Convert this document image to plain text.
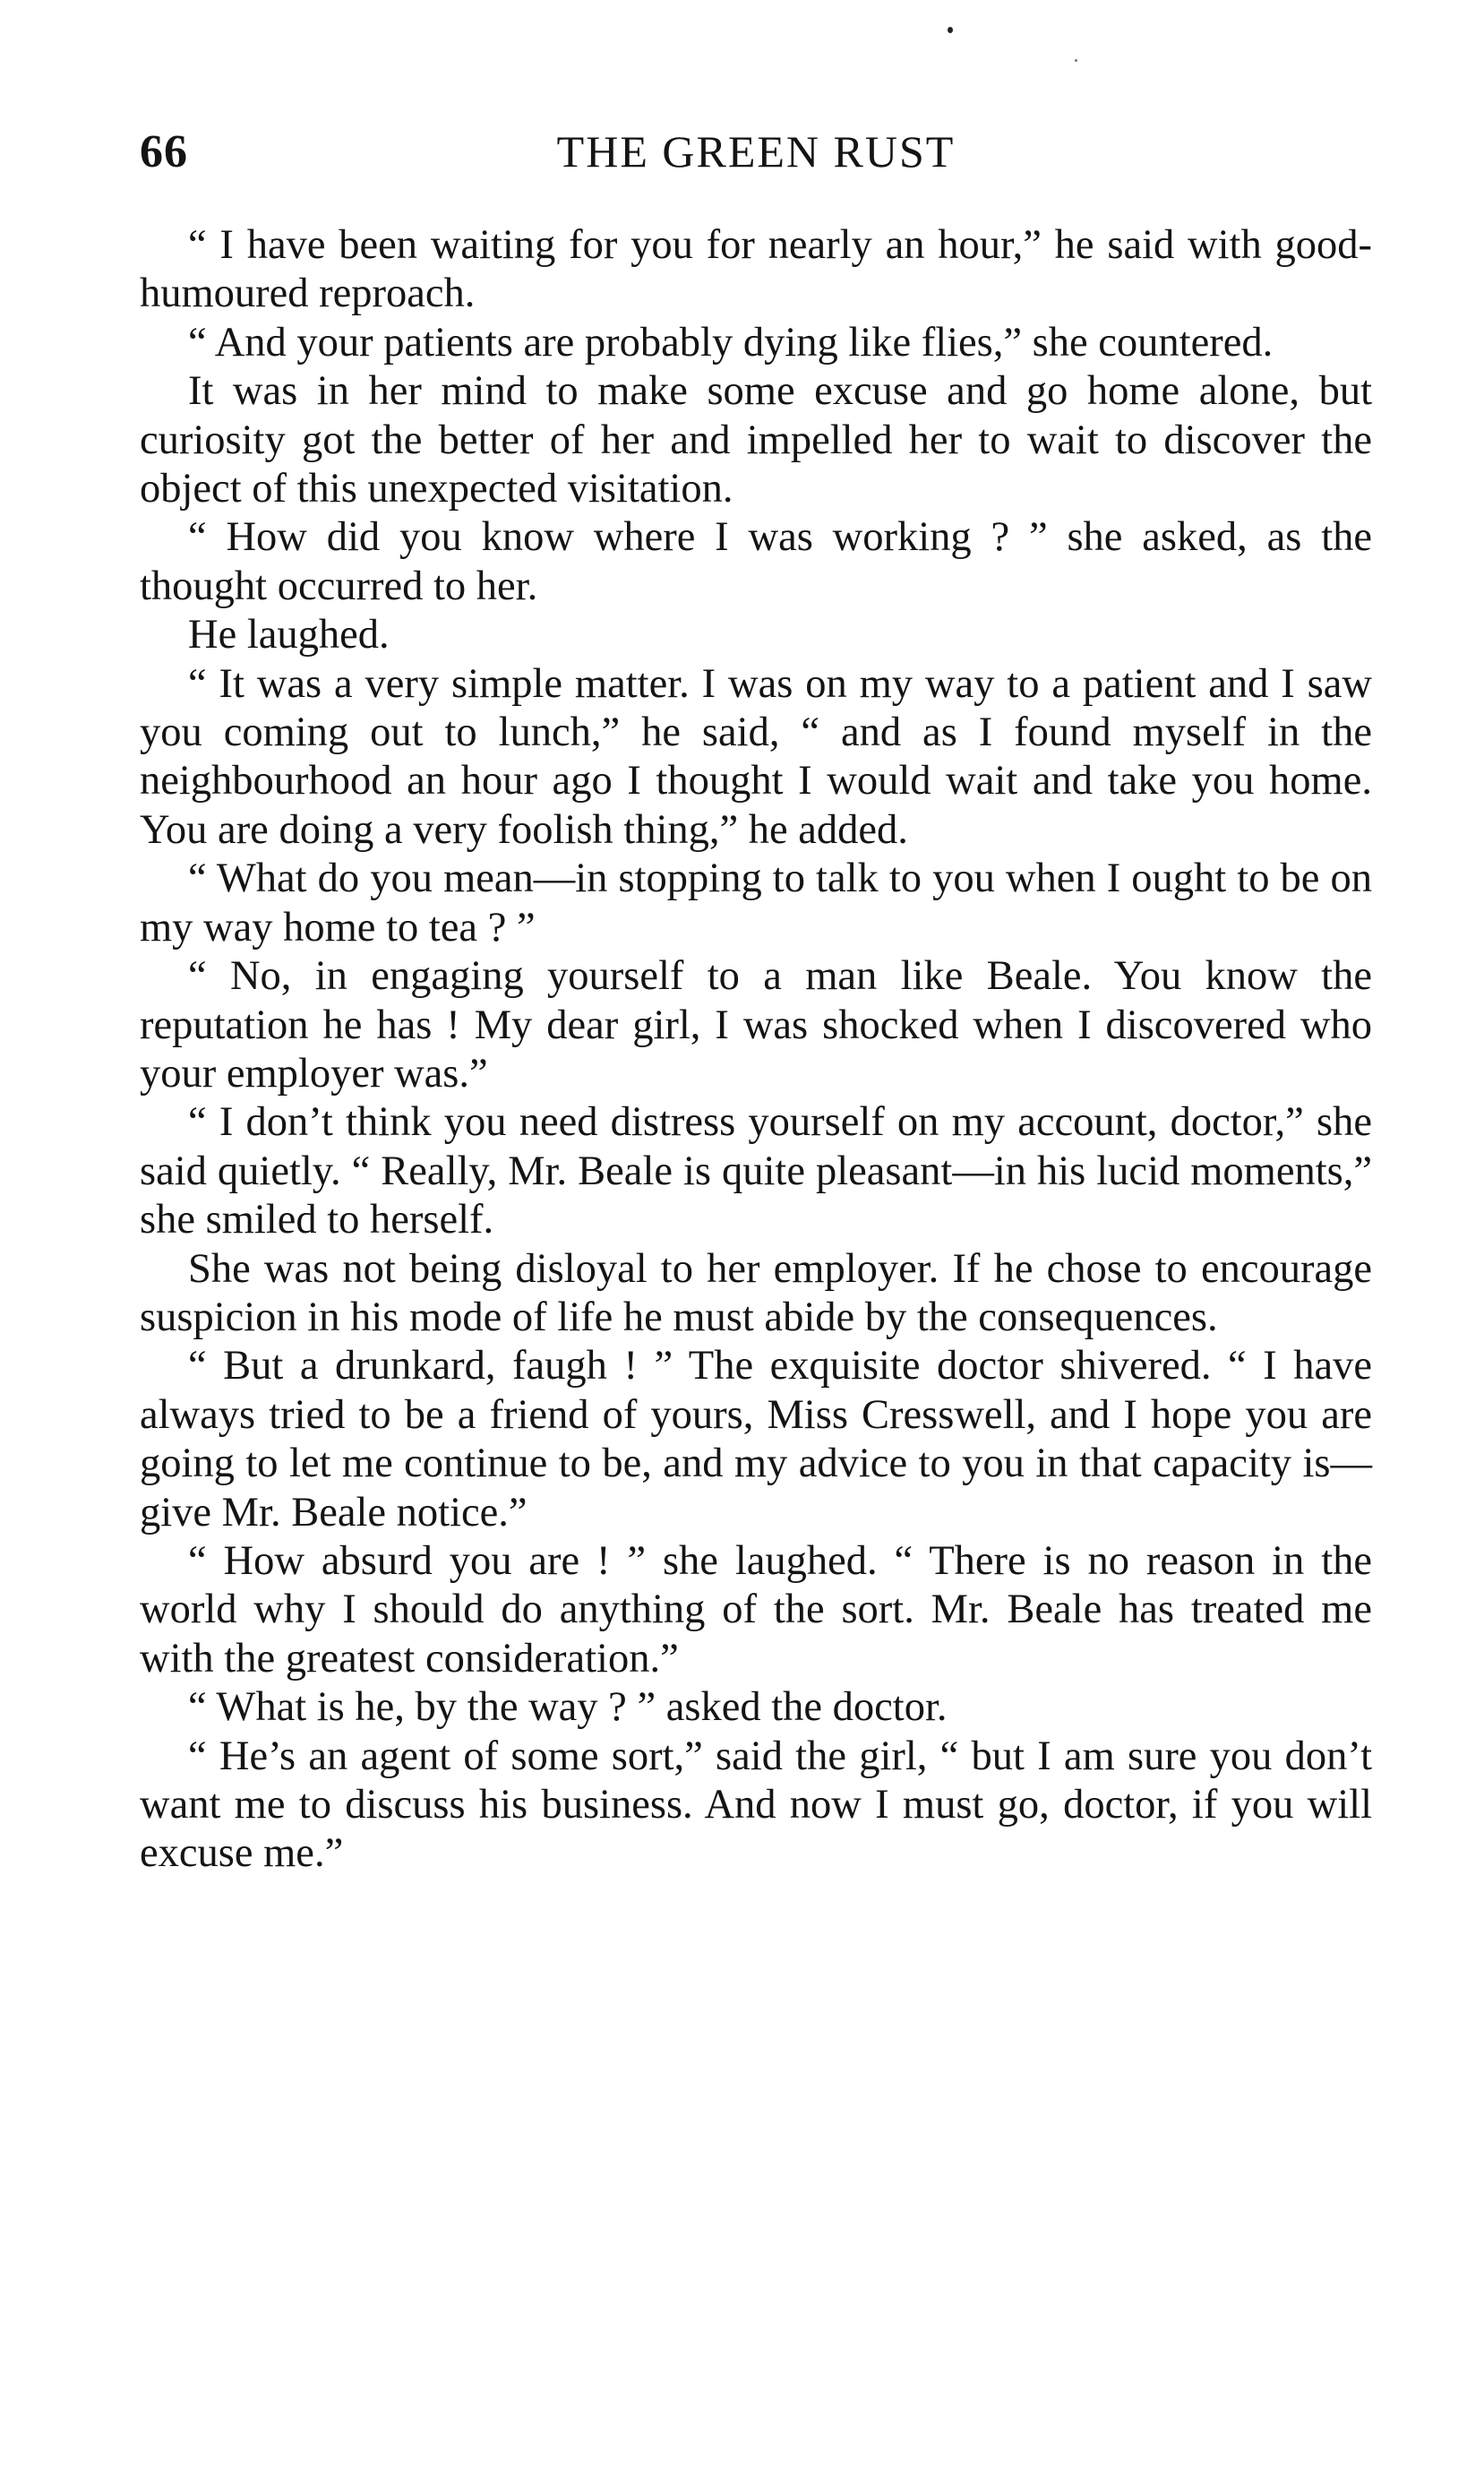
66	THE GREEN RUST

“ I have been waiting for you for nearly an hour,” he said with good-humoured reproach.

“ And your patients are probably dying like flies,” she countered.

It was in her mind to make some excuse and go home alone, but curiosity got the better of her and impelled her to wait to discover the object of this unexpected visitation.

“ How did you know where I was working ? ” she asked, as the thought occurred to her.

He laughed.

“ It was a very simple matter. I was on my way to a patient and I saw you coming out to lunch,” he said, “ and as I found myself in the neighbourhood an hour ago I thought I would wait and take you home. You are doing a very foolish thing,” he added.

“ What do you mean—in stopping to talk to you when I ought to be on my way home to tea ? ”

“ No, in engaging yourself to a man like Beale. You know the reputation he has ! My dear girl, I was shocked when I discovered who your employer was.”

“ I don’t think you need distress yourself on my account, doctor,” she said quietly. “ Really, Mr. Beale is quite pleasant—in his lucid moments,” she smiled to herself.

She was not being disloyal to her employer. If he chose to encourage suspicion in his mode of life he must abide by the consequences.

“ But a drunkard, faugh ! ” The exquisite doctor shivered. “ I have always tried to be a friend of yours, Miss Cresswell, and I hope you are going to let me continue to be, and my advice to you in that capacity is—give Mr. Beale notice.”

“ How absurd you are ! ” she laughed. “ There is no reason in the world why I should do anything of the sort. Mr. Beale has treated me with the greatest consideration.”

“ What is he, by the way ? ” asked the doctor.

“ He’s an agent of some sort,” said the girl, “ but I am sure you don’t want me to discuss his business. And now I must go, doctor, if you will excuse me.”
